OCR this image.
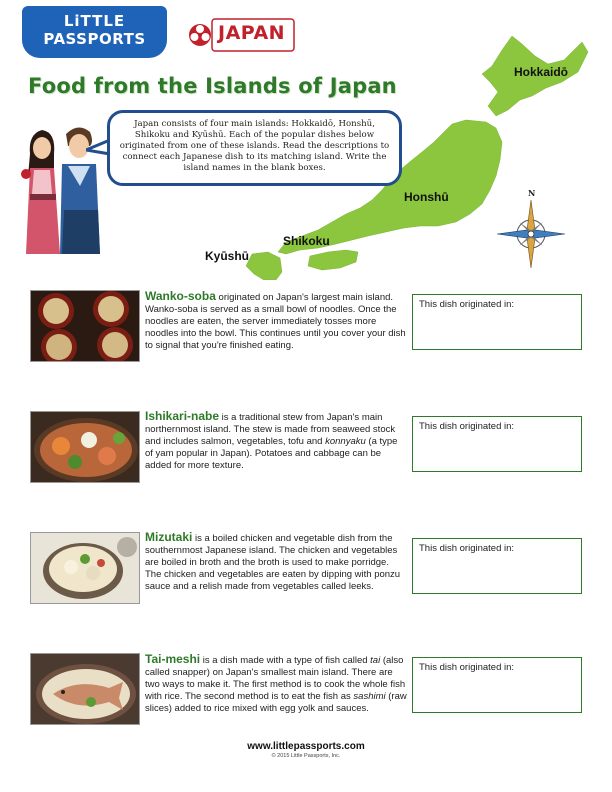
LiTTLE
PASSPORTS	JAPAN
Hokkaidō
Honshū
Shikoku
Kyūshū
N
Japan consists of four main islands: Hokkaidō, Honshū, Shikoku and Kyūshū. Each of the popular dishes below originated from one of these islands. Read the descriptions to connect each Japanese dish to its matching island. Write the island names in the blank boxes.
Food from the Islands of Japan
Wanko-soba originated on Japan's largest main island. Wanko-soba is served as a small bowl of noodles. Once the noodles are eaten, the server immediately tosses more noodles into the bowl. This continues until you cover your dish to signal that you're finished eating.
This dish originated in:
Ishikari-nabe is a traditional stew from Japan's main northernmost island. The stew is made from seaweed stock and includes salmon, vegetables, tofu and konnyaku (a type of yam popular in Japan). Potatoes and cabbage can be added for more texture.
This dish originated in:
Mizutaki is a boiled chicken and vegetable dish from the southernmost Japanese island. The chicken and vegetables are boiled in broth and the broth is used to make porridge. The chicken and vegetables are eaten by dipping with ponzu sauce and a relish made from vegetables called leeks.
This dish originated in:
Tai-meshi is a dish made with a type of fish called tai (also called snapper) on Japan's smallest main island. There are two ways to make it. The first method is to cook the whole fish with rice. The second method is to eat the fish as sashimi (raw slices) added to rice mixed with egg yolk and sauces.
This dish originated in:
www.littlepassports.com
© 2015 Little Passports, Inc.
